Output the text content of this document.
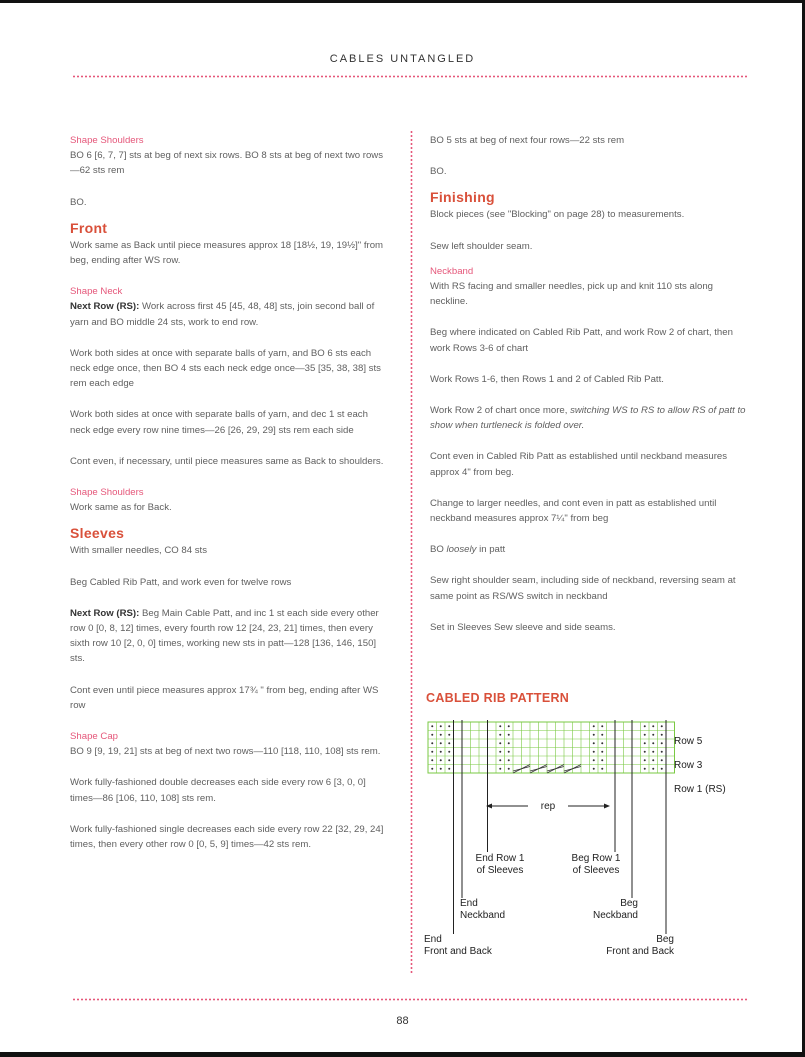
CABLES UNTANGLED
Shape Shoulders

BO 6 [6, 7, 7] sts at beg of next six rows. BO 8 sts at beg of next two rows—62 sts rem

BO.

Front

Work same as Back until piece measures approx 18 [18½, 19, 19½]" from beg, ending after WS row.

Shape Neck

Next Row (RS): Work across first 45 [45, 48, 48] sts, join second ball of yarn and BO middle 24 sts, work to end row.

Work both sides at once with separate balls of yarn, and BO 6 sts each neck edge once, then BO 4 sts each neck edge once—35 [35, 38, 38] sts rem each edge

Work both sides at once with separate balls of yarn, and dec 1 st each neck edge every row nine times—26 [26, 29, 29] sts rem each side

Cont even, if necessary, until piece measures same as Back to shoulders.

Shape Shoulders

Work same as for Back.

Sleeves

With smaller needles, CO 84 sts

Beg Cabled Rib Patt, and work even for twelve rows

Next Row (RS): Beg Main Cable Patt, and inc 1 st each side every other row 0 [0, 8, 12] times, every fourth row 12 [24, 23, 21] times, then every sixth row 10 [2, 0, 0] times, working new sts in patt—128 [136, 146, 150] sts.

Cont even until piece measures approx 17¾ " from beg, ending after WS row

Shape Cap

BO 9 [9, 19, 21] sts at beg of next two rows—110 [118, 110, 108] sts rem.

Work fully-fashioned double decreases each side every row 6 [3, 0, 0] times—86 [106, 110, 108] sts rem.

Work fully-fashioned single decreases each side every row 22 [32, 29, 24] times, then every other row 0 [0, 5, 9] times—42 sts rem.

BO 5 sts at beg of next four rows—22 sts rem

BO.

Finishing

Block pieces (see "Blocking" on page 28) to measurements.

Sew left shoulder seam.

Neckband

With RS facing and smaller needles, pick up and knit 110 sts along neckline.

Beg where indicated on Cabled Rib Patt, and work Row 2 of chart, then work Rows 3-6 of chart

Work Rows 1-6, then Rows 1 and 2 of Cabled Rib Patt.

Work Row 2 of chart once more, switching WS to RS to allow RS of patt to show when turtleneck is folded over.

Cont even in Cabled Rib Patt as established until neckband measures approx 4" from beg.

Change to larger needles, and cont even in patt as established until neckband measures approx 7¼" from beg

BO loosely in patt

Sew right shoulder seam, including side of neckband, reversing seam at same point as RS/WS switch in neckband

Set in Sleeves Sew sleeve and side seams.

CABLED RIB PATTERN
Row 5
Row 3
Row 1 (RS)
rep
End Row 1
of Sleeves
Beg Row 1
of Sleeves
End
Neckband
Beg
Neckband
End
Front and Back
Beg
Front and Back
88
